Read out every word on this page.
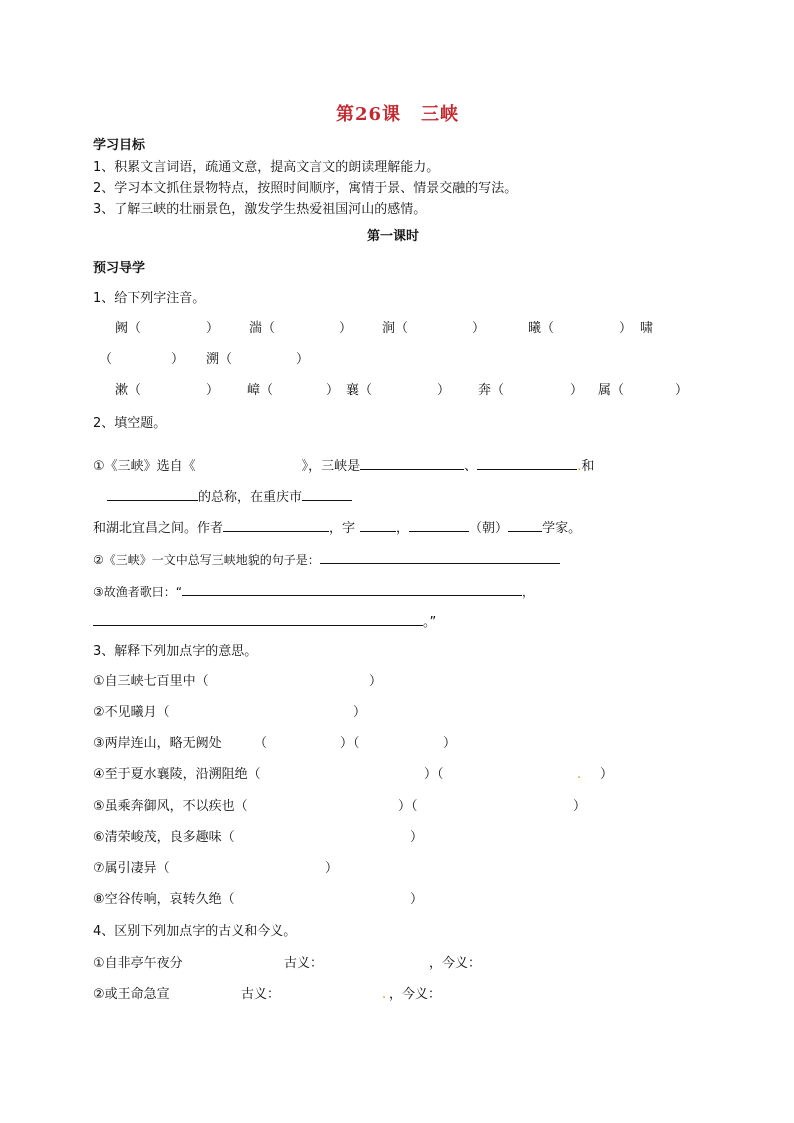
第26课 三峡
学习目标
1、积累文言词语，疏通文意，提高文言文的朗读理解能力。
2、学习本文抓住景物特点，按照时间顺序，寓情于景、情景交融的写法。
3、了解三峡的壮丽景色，激发学生热爱祖国河山的感情。
第一课时
预习导学
1、给下列字注音。
阙（	） 湍（	） 涧（	）	曦（	） 啸
（	） 溯（	）
漱（	） 嶂（	） 襄（	） 奔（	） 属（	）
2、填空题。
①《三峡》选自《	》，三峡是	、	.和
的总称，在重庆市
和湖北宜昌之间。作者	，字	，	（朝）	学家。
②《三峡》一文中总写三峡地貌的句子是：
③故渔者歌曰：“	，
。”
3、解释下列加点字的意思。
①自三峡七百里中（	）
②不见曦月（	）
③两岸连山，略无阙处 （	）（	）
④至于夏水襄陵，沿溯阻绝（	）（	. ）
⑤虽乘奔御风，不以疾也（	）（	）
⑥清荣峻茂，良多趣味（	）
⑦属引凄异（	）
⑧空谷传响，哀转久绝（	）
4、区别下列加点字的古义和今义。
①自非亭午夜分	古义：	，今义：
②或王命急宣	古义：	. ，今义：
